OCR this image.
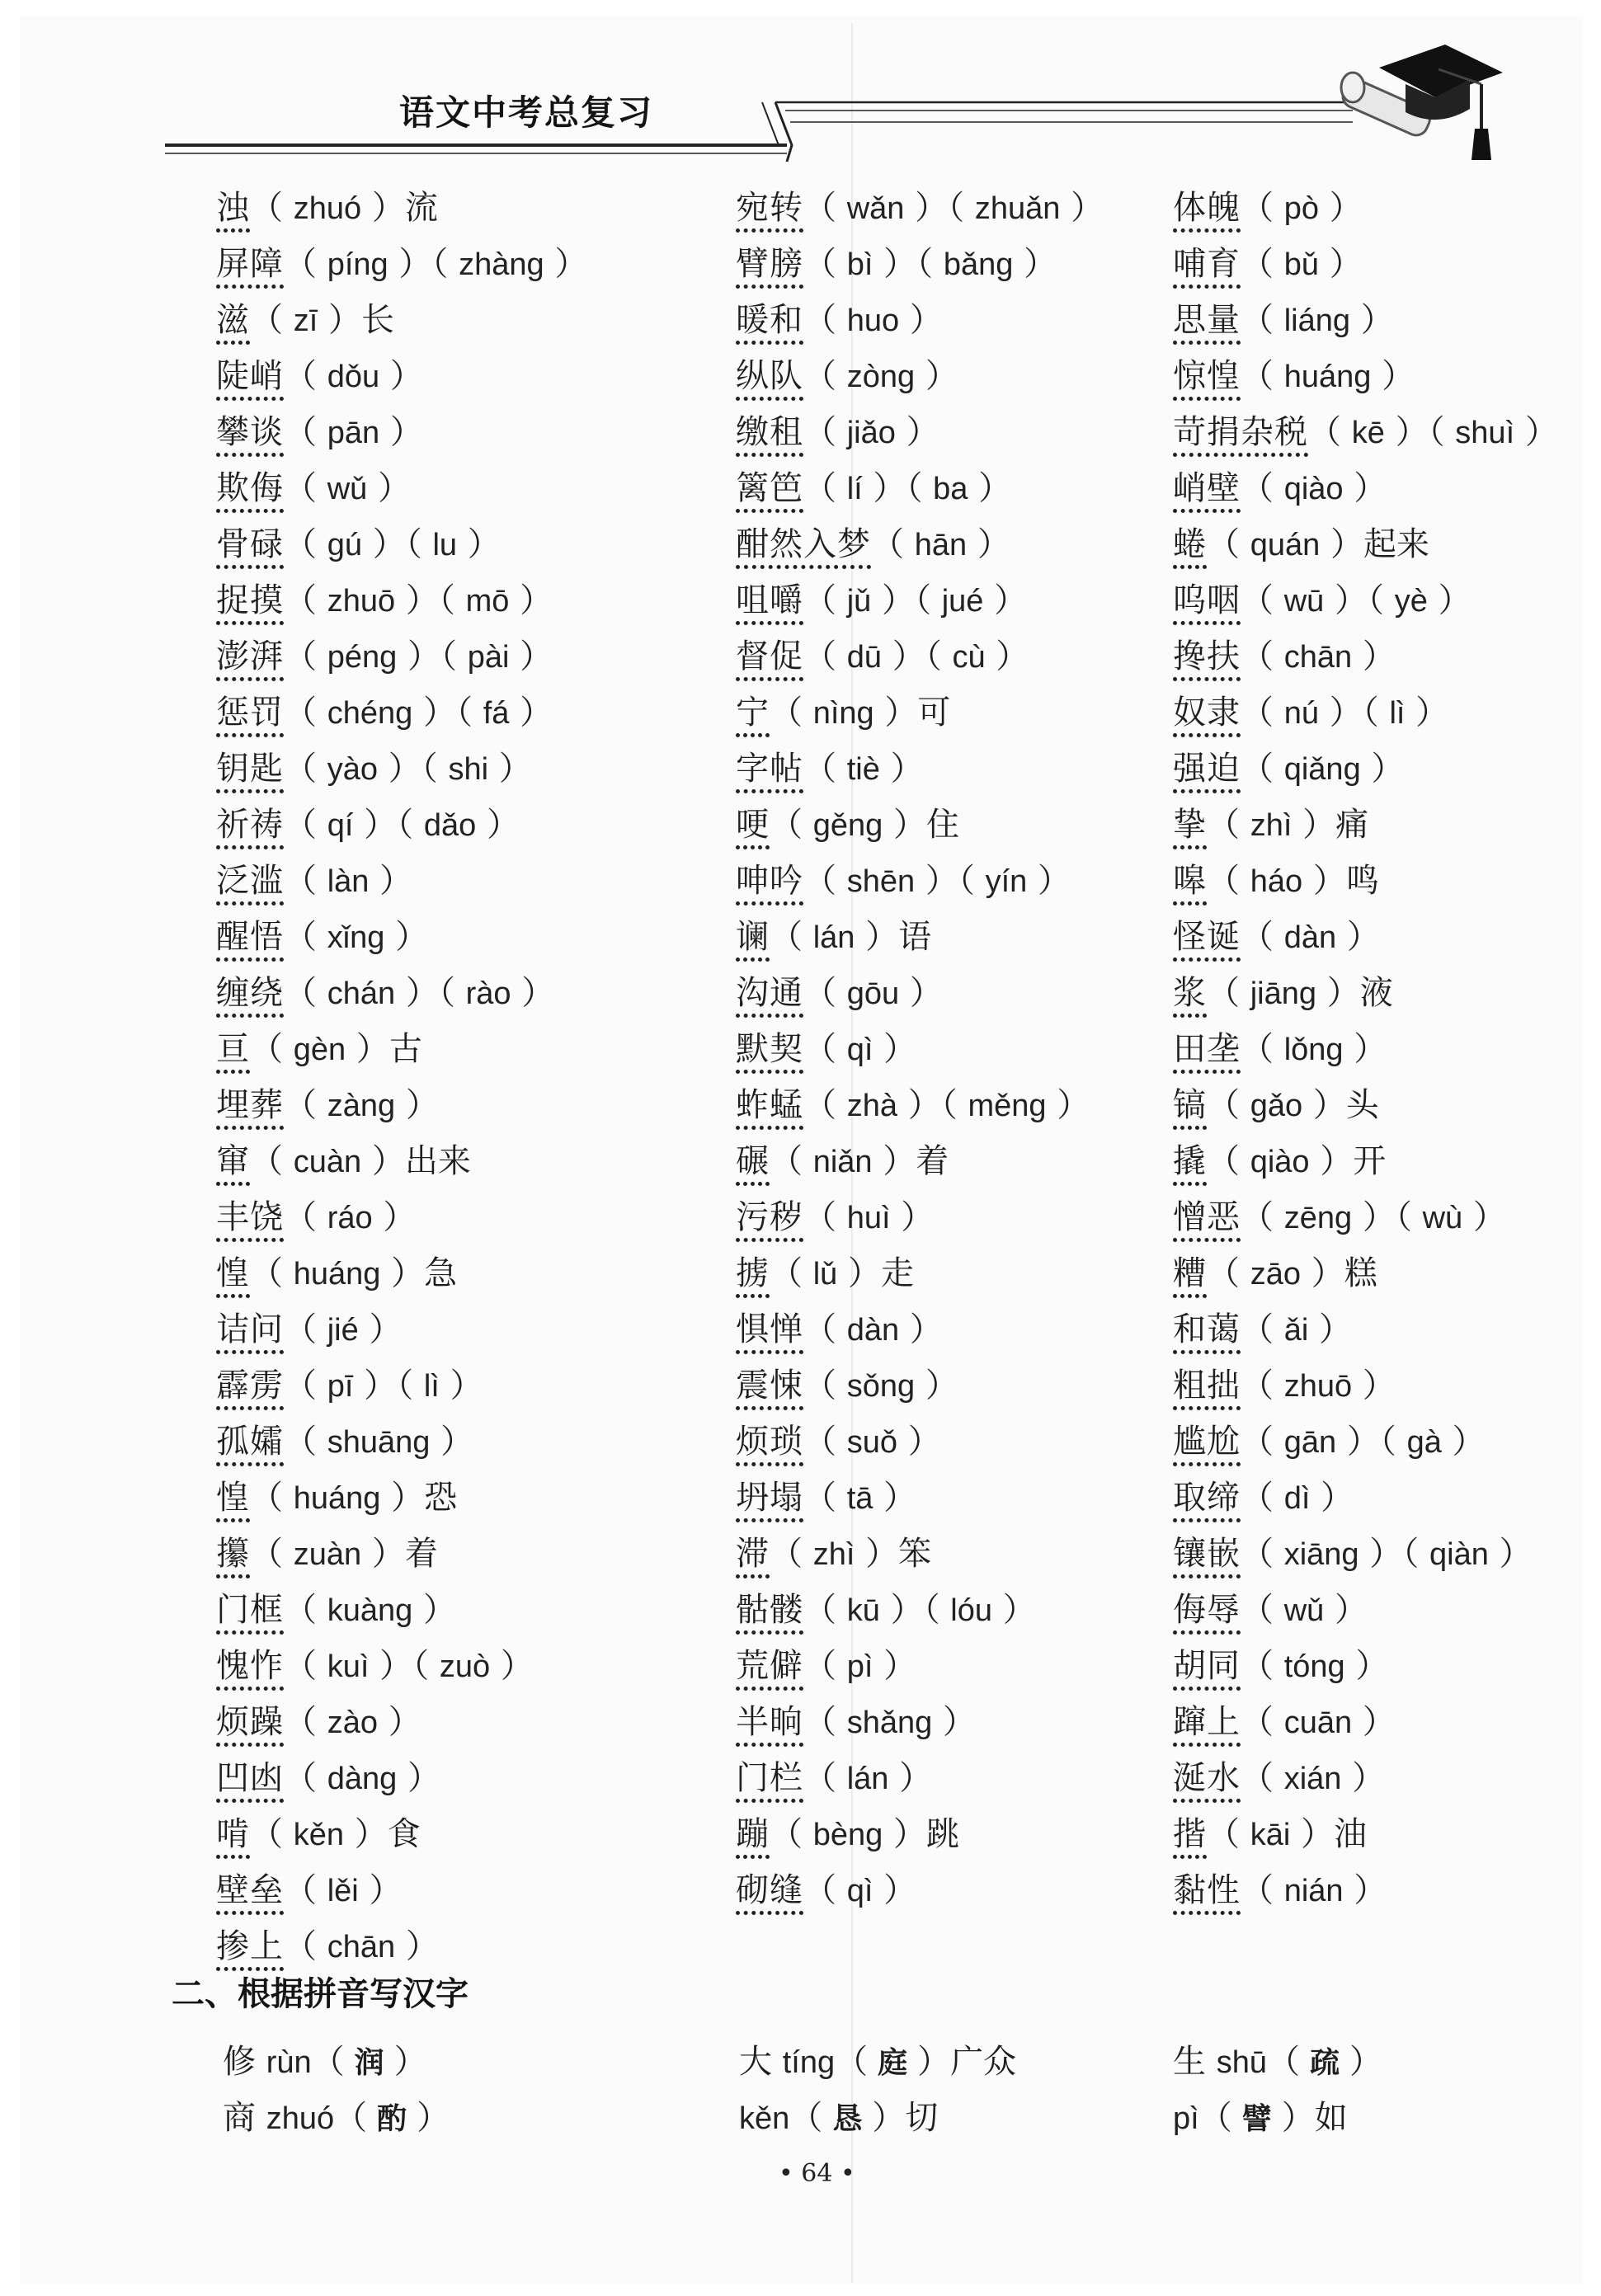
语文中考总复习
浊（ zhuó ）流
屏障（ píng ）（ zhàng ）
滋（ zī ）长
陡峭（ dǒu ）
攀谈（ pān ）
欺侮（ wǔ ）
骨碌（ gú ）（ lu ）
捉摸（ zhuō ）（ mō ）
澎湃（ péng ）（ pài ）
惩罚（ chéng ）（ fá ）
钥匙（ yào ）（ shi ）
祈祷（ qí ）（ dǎo ）
泛滥（ làn ）
醒悟（ xǐng ）
缠绕（ chán ）（ rào ）
亘（ gèn ）古
埋葬（ zàng ）
窜（ cuàn ）出来
丰饶（ ráo ）
惶（ huáng ）急
诘问（ jié ）
霹雳（ pī ）（ lì ）
孤孀（ shuāng ）
惶（ huáng ）恐
攥（ zuàn ）着
门框（ kuàng ）
愧怍（ kuì ）（ zuò ）
烦躁（ zào ）
凹凼（ dàng ）
啃（ kěn ）食
壁垒（ lěi ）
掺上（ chān ）
宛转（ wǎn ）（ zhuǎn ）
臂膀（ bì ）（ bǎng ）
暖和（ huo ）
纵队（ zòng ）
缴租（ jiǎo ）
篱笆（ lí ）（ ba ）
酣然入梦（ hān ）
咀嚼（ jǔ ）（ jué ）
督促（ dū ）（ cù ）
宁（ nìng ）可
字帖（ tiè ）
哽（ gěng ）住
呻吟（ shēn ）（ yín ）
谰（ lán ）语
沟通（ gōu ）
默契（ qì ）
蚱蜢（ zhà ）（ měng ）
碾（ niǎn ）着
污秽（ huì ）
掳（ lǔ ）走
惧惮（ dàn ）
震悚（ sǒng ）
烦琐（ suǒ ）
坍塌（ tā ）
滞（ zhì ）笨
骷髅（ kū ）（ lóu ）
荒僻（ pì ）
半晌（ shǎng ）
门栏（ lán ）
蹦（ bèng ）跳
砌缝（ qì ）
体魄（ pò ）
哺育（ bǔ ）
思量（ liáng ）
惊惶（ huáng ）
苛捐杂税（ kē ）（ shuì ）
峭壁（ qiào ）
蜷（ quán ）起来
呜咽（ wū ）（ yè ）
搀扶（ chān ）
奴隶（ nú ）（ lì ）
强迫（ qiǎng ）
挚（ zhì ）痛
嗥（ háo ）鸣
怪诞（ dàn ）
浆（ jiāng ）液
田垄（ lǒng ）
镐（ gǎo ）头
撬（ qiào ）开
憎恶（ zēng ）（ wù ）
糟（ zāo ）糕
和蔼（ ǎi ）
粗拙（ zhuō ）
尴尬（ gān ）（ gà ）
取缔（ dì ）
镶嵌（ xiāng ）（ qiàn ）
侮辱（ wǔ ）
胡同（ tóng ）
蹿上（ cuān ）
涎水（ xián ）
揩（ kāi ）油
黏性（ nián ）
二、根据拼音写汉字
修 rùn（ 润 ）	大 tíng（ 庭 ）广众	生 shū（ 疏 ）
商 zhuó（ 酌 ）	kěn（ 恳 ）切	pì（ 譬 ）如
• 64 •
